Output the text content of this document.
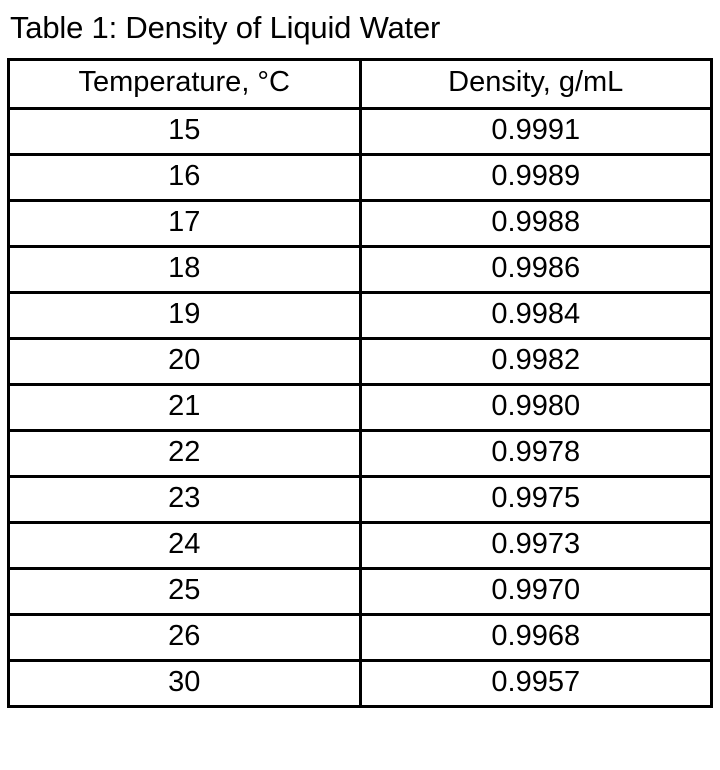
Table 1: Density of Liquid Water
Temperature, °C	Density, g/mL
15	0.9991
16	0.9989
17	0.9988
18	0.9986
19	0.9984
20	0.9982
21	0.9980
22	0.9978
23	0.9975
24	0.9973
25	0.9970
26	0.9968
30	0.9957
